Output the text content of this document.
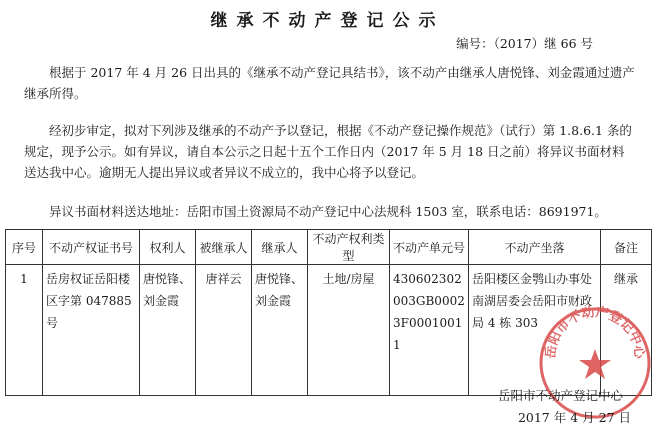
继承不动产登记公示
编号：（2017）继 66 号

根据于 2017 年 4 月 26 日出具的《继承不动产登记具结书》，该不动产由继承人唐悦锋、刘金霞通过遗产继承所得。

经初步审定，拟对下列涉及继承的不动产予以登记，根据《不动产登记操作规范》（试行）第 1.8.6.1 条的规定，现予公示。如有异议，请自本公示之日起十五个工作日内（2017 年 5 月 18 日之前）将异议书面材料送达我中心。逾期无人提出异议或者异议不成立的，我中心将予以登记。

异议书面材料送达地址：岳阳市国土资源局不动产登记中心法规科 1503 室，联系电话：8691971。

序号	不动产权证书号	权利人	被继承人	继承人	不动产权利类型	不动产单元号	不动产坐落	备注
1	岳房权证岳阳楼区字第 047885 号	唐悦锋、刘金霞	唐祥云	唐悦锋、刘金霞	土地/房屋	430602302003GB00023F00010011	岳阳楼区金鹗山办事处南湖居委会岳阳市财政局 4 栋 303	继承
岳阳市不动产登记中心
岳阳市不动产登记中心
2017 年 4 月 27 日
